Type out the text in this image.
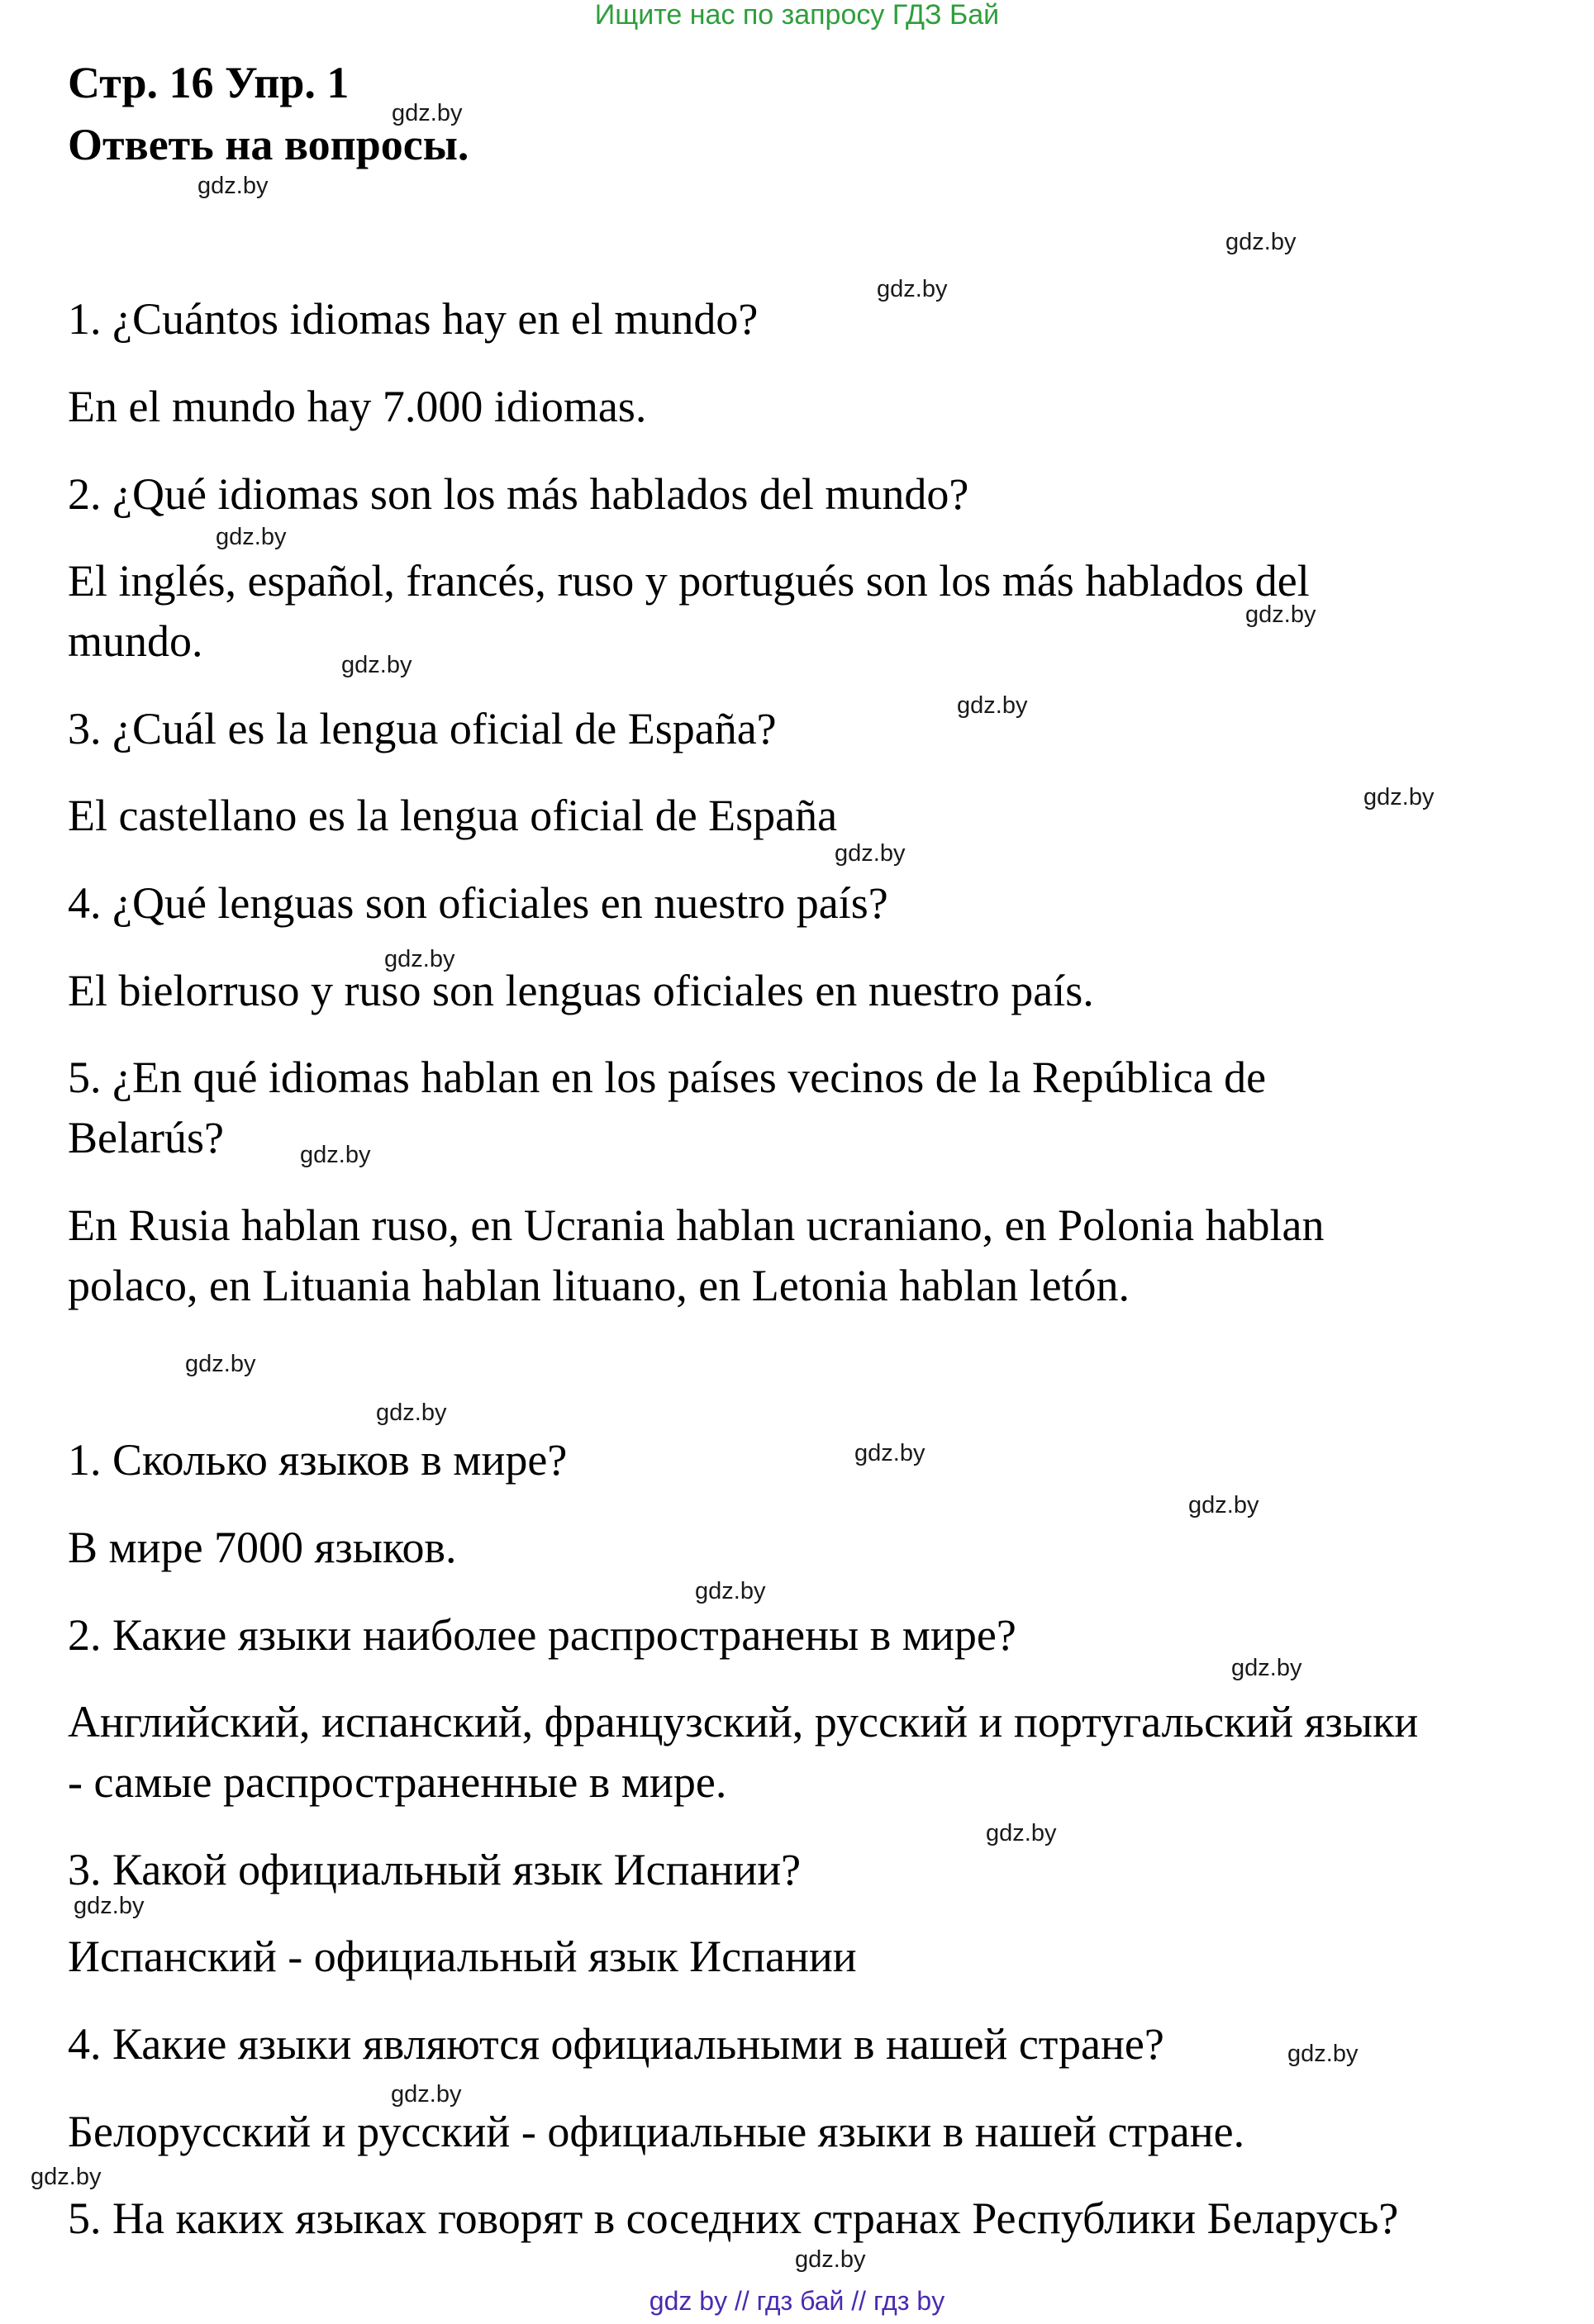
Ищите нас по запросу ГДЗ Бай
Стр. 16 Упр. 1
Ответь на вопросы.
1. ¿Cuántos idiomas hay en el mundo?
En el mundo hay 7.000 idiomas.
2. ¿Qué idiomas son los más hablados del mundo?
El inglés, español, francés, ruso y portugués son los más hablados del
mundo.
3. ¿Cuál es la lengua oficial de España?
El castellano es la lengua oficial de España
4. ¿Qué lenguas son oficiales en nuestro país?
El bielorruso y ruso son lenguas oficiales en nuestro país.
5. ¿En qué idiomas hablan en los países vecinos de la República de
Belarús?
En Rusia hablan ruso, en Ucrania hablan ucraniano, en Polonia hablan
polaco, en Lituania hablan lituano, en Letonia hablan letón.
1. Сколько языков в мире?
В мире 7000 языков.
2. Какие языки наиболее распространены в мире?
Английский, испанский, французский, русский и португальский языки
- самые распространенные в мире.
3. Какой официальный язык Испании?
Испанский - официальный язык Испании
4. Какие языки являются официальными в нашей стране?
Белорусский и русский - официальные языки в нашей стране.
5. На каких языках говорят в соседних странах Республики Беларусь?
gdz.by
gdz.by
gdz.by
gdz.by
gdz.by
gdz.by
gdz.by
gdz.by
gdz.by
gdz.by
gdz.by
gdz.by
gdz.by
gdz.by
gdz.by
gdz.by
gdz.by
gdz.by
gdz.by
gdz.by
gdz.by
gdz.by
gdz.by
gdz.by
gdz by // гдз бай // гдз by
